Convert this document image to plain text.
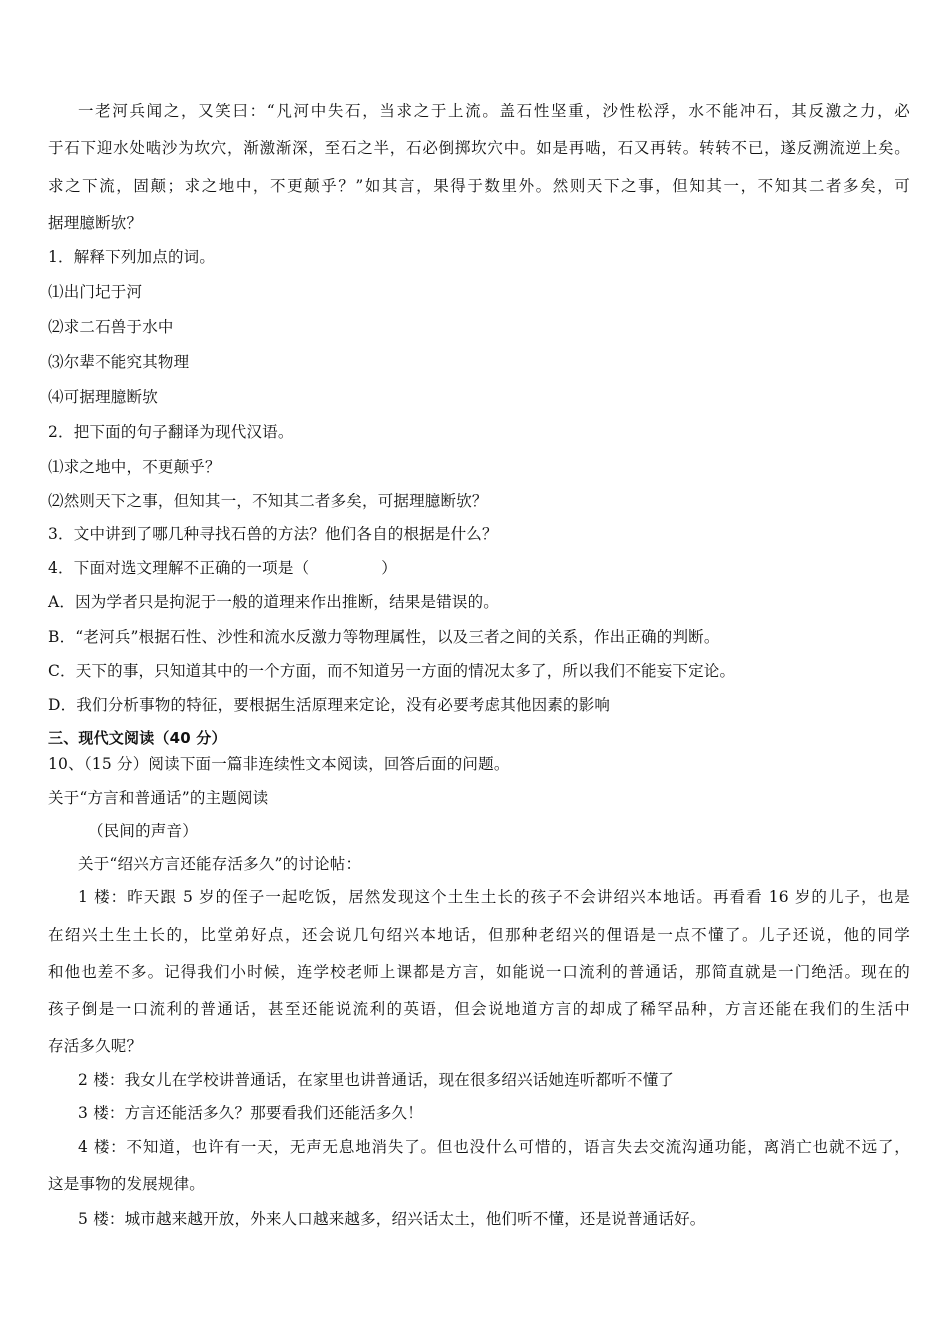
一老河兵闻之，又笑曰：“凡河中失石，当求之于上流。盖石性坚重，沙性松浮，水不能冲石，其反激之力，必
于石下迎水处啮沙为坎穴，渐激渐深，至石之半，石必倒掷坎穴中。如是再啮，石又再转。转转不已，遂反溯流逆上矣。
求之下流，固颠；求之地中，不更颠乎？”如其言，果得于数里外。然则天下之事，但知其一，不知其二者多矣，可
据理臆断欤？
1．解释下列加点的词。
⑴出门圮于河
⑵求二石兽于水中
⑶尔辈不能究其物理
⑷可据理臆断欤
2．把下面的句子翻译为现代汉语。
⑴求之地中，不更颠乎？
⑵然则天下之事，但知其一，不知其二者多矣，可据理臆断欤？
3．文中讲到了哪几种寻找石兽的方法？他们各自的根据是什么？
4．下面对选文理解不正确的一项是（	）
A．因为学者只是拘泥于一般的道理来作出推断，结果是错误的。
B．“老河兵”根据石性、沙性和流水反激力等物理属性，以及三者之间的关系，作出正确的判断。
C．天下的事，只知道其中的一个方面，而不知道另一方面的情况太多了，所以我们不能妄下定论。
D．我们分析事物的特征，要根据生活原理来定论，没有必要考虑其他因素的影响
三、现代文阅读（40 分）
10、（15 分）阅读下面一篇非连续性文本阅读，回答后面的问题。
关于“方言和普通话”的主题阅读
（民间的声音）
关于“绍兴方言还能存活多久”的讨论帖：
1 楼：昨天跟 5 岁的侄子一起吃饭，居然发现这个土生土长的孩子不会讲绍兴本地话。再看看 16 岁的儿子，也是
在绍兴土生土长的，比堂弟好点，还会说几句绍兴本地话，但那种老绍兴的俚语是一点不懂了。儿子还说，他的同学
和他也差不多。记得我们小时候，连学校老师上课都是方言，如能说一口流利的普通话，那简直就是一门绝活。现在的
孩子倒是一口流利的普通话，甚至还能说流利的英语，但会说地道方言的却成了稀罕品种，方言还能在我们的生活中
存活多久呢？
2 楼：我女儿在学校讲普通话，在家里也讲普通话，现在很多绍兴话她连听都听不懂了
3 楼：方言还能活多久？那要看我们还能活多久！
4 楼：不知道，也许有一天，无声无息地消失了。但也没什么可惜的，语言失去交流沟通功能，离消亡也就不远了，
这是事物的发展规律。
5 楼：城市越来越开放，外来人口越来越多，绍兴话太土，他们听不懂，还是说普通话好。
